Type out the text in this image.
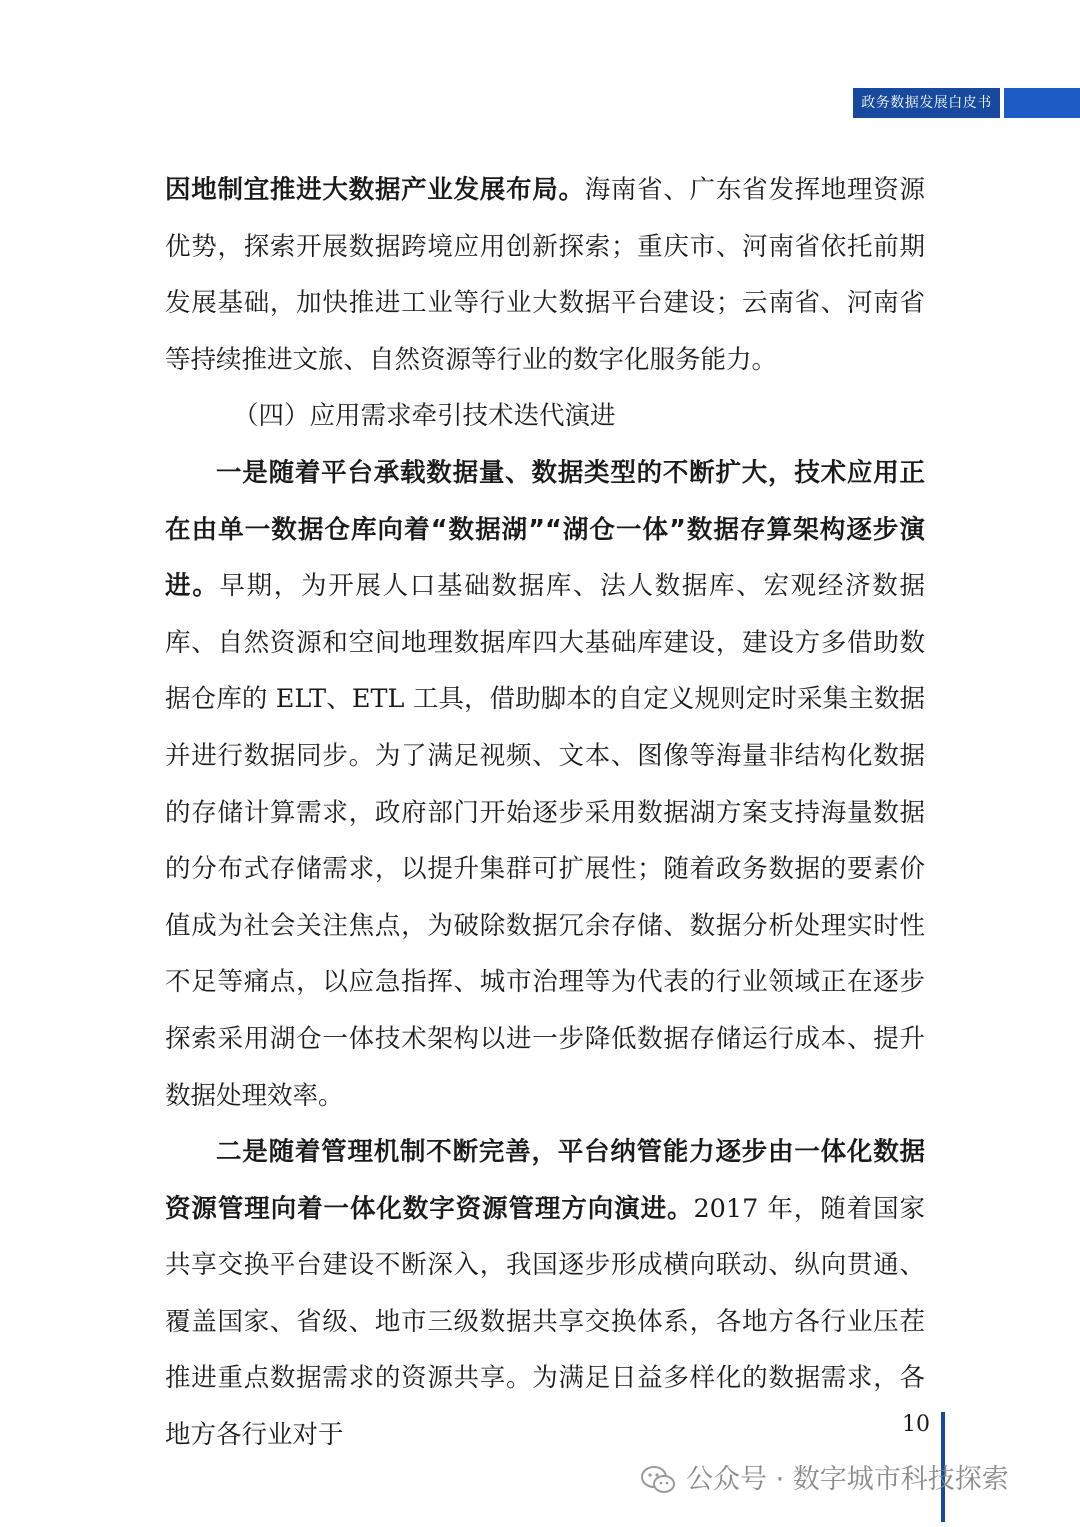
政务数据发展白皮书

因地制宜推进大数据产业发展布局。海南省、广东省发挥地理资源优势，探索开展数据跨境应用创新探索；重庆市、河南省依托前期发展基础，加快推进工业等行业大数据平台建设；云南省、河南省等持续推进文旅、自然资源等行业的数字化服务能力。

（四）应用需求牵引技术迭代演进

一是随着平台承载数据量、数据类型的不断扩大，技术应用正在由单一数据仓库向着“数据湖”“湖仓一体”数据存算架构逐步演进。早期，为开展人口基础数据库、法人数据库、宏观经济数据库、自然资源和空间地理数据库四大基础库建设，建设方多借助数据仓库的 ELT、ETL 工具，借助脚本的自定义规则定时采集主数据并进行数据同步。为了满足视频、文本、图像等海量非结构化数据的存储计算需求，政府部门开始逐步采用数据湖方案支持海量数据的分布式存储需求，以提升集群可扩展性；随着政务数据的要素价值成为社会关注焦点，为破除数据冗余存储、数据分析处理实时性不足等痛点，以应急指挥、城市治理等为代表的行业领域正在逐步探索采用湖仓一体技术架构以进一步降低数据存储运行成本、提升数据处理效率。

二是随着管理机制不断完善，平台纳管能力逐步由一体化数据资源管理向着一体化数字资源管理方向演进。2017 年，随着国家共享交换平台建设不断深入，我国逐步形成横向联动、纵向贯通、覆盖国家、省级、地市三级数据共享交换体系，各地方各行业压茬推进重点数据需求的资源共享。为满足日益多样化的数据需求，各地方各行业对于	10
公众号 · 数字城市科技探索
